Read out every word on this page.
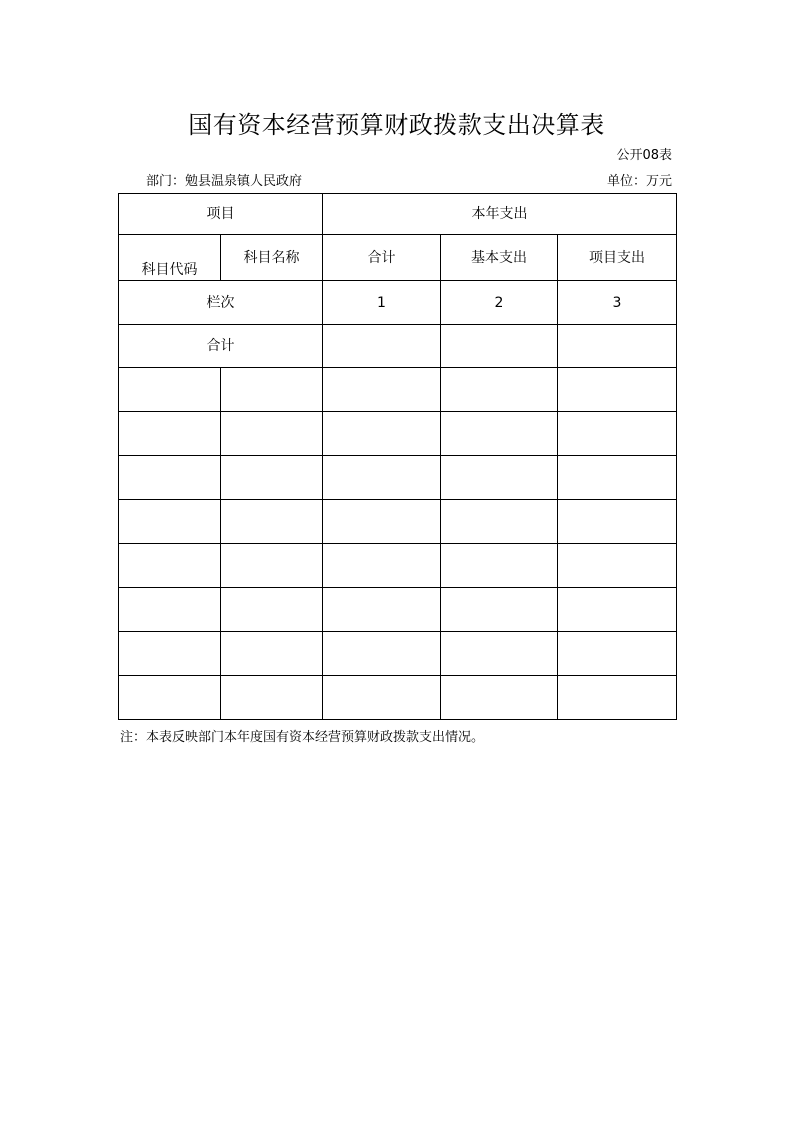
国有资本经营预算财政拨款支出决算表
公开08表
部门：勉县温泉镇人民政府	单位：万元
项目		本年支出		
科目代码	科目名称	合计	基本支出	项目支出
栏次		1	2	3
合计				

注：本表反映部门本年度国有资本经营预算财政拨款支出情况。
